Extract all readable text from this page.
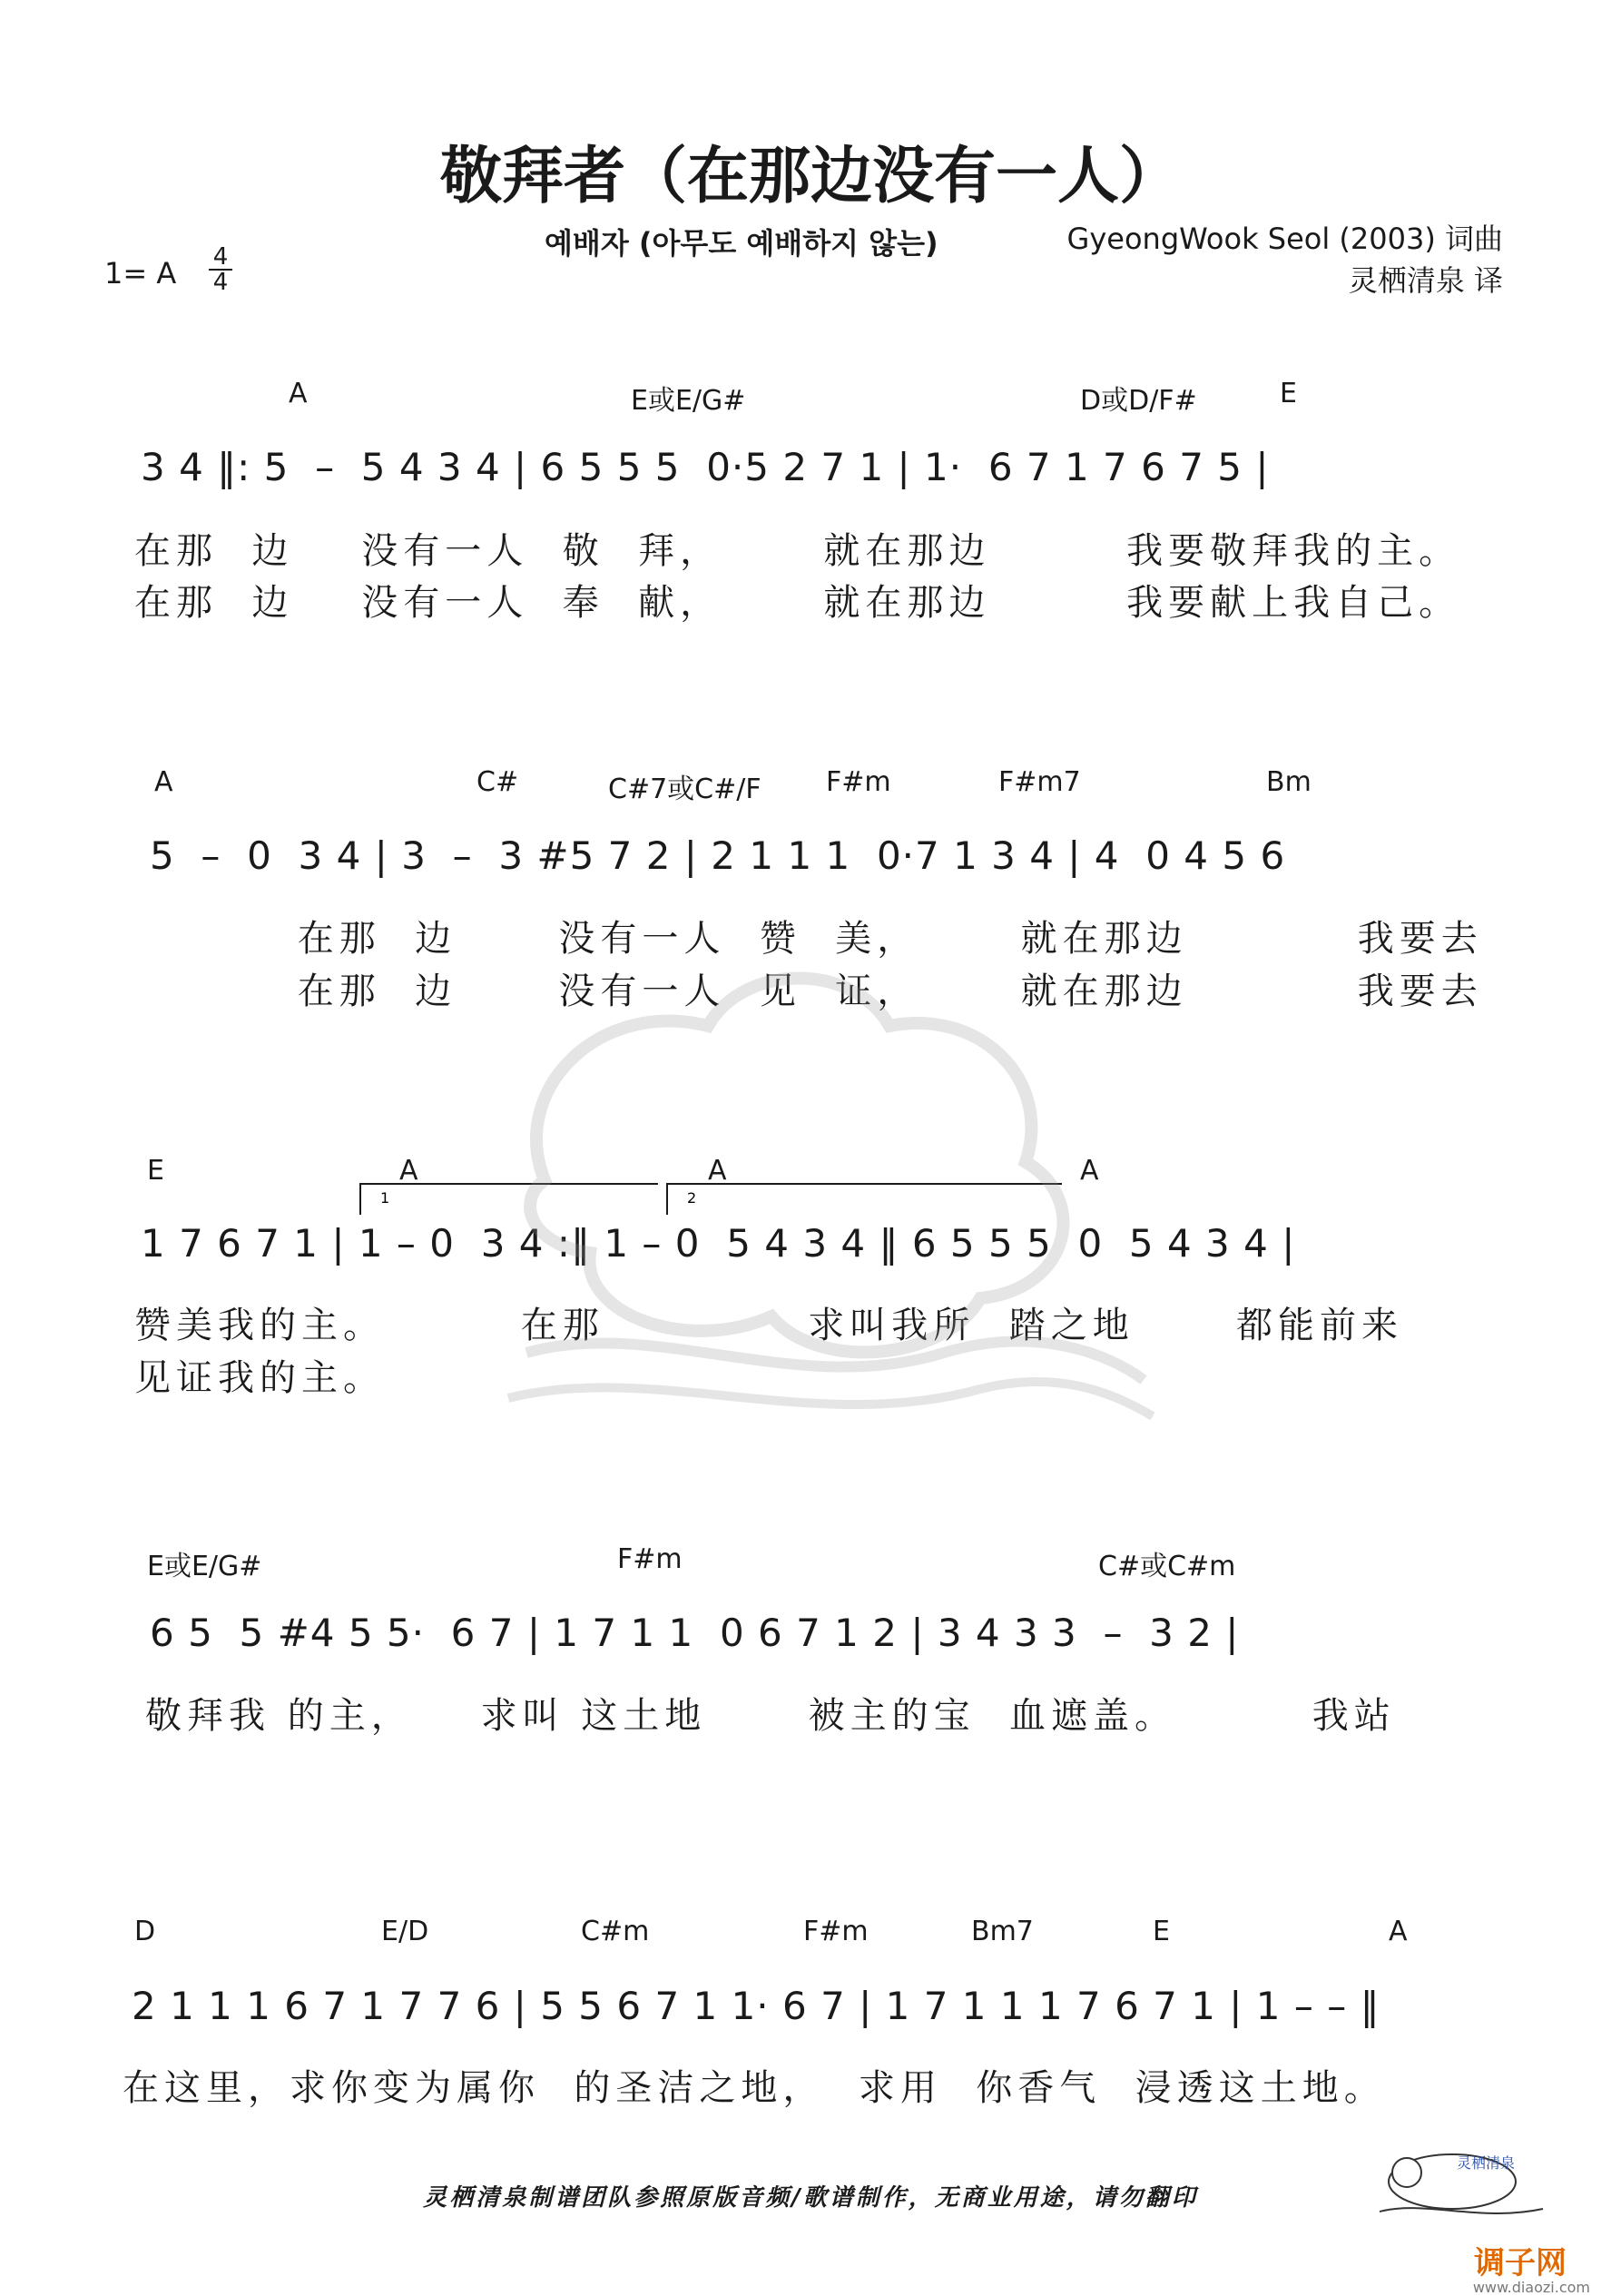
敬拜者（在那边没有一人）
예배자 (아무도 예배하지 않는)	GyeongWook Seol (2003) 词曲
灵栖清泉 译
1= A 4
4
A	E或E/G#	D或D/F#	E
3 4 ‖: 5  –  5 4 3 4 | 6 5 5 5  0·5 2 7 1 | 1·  6 7 1 7 6 7 5 |
在那  边    没有一人  敬  拜，      就在那边        我要敬拜我的主。
在那  边    没有一人  奉  献，      就在那边        我要献上我自己。
A	C#	C#7或C#/F F#m	F#m7	Bm
5  –  0  3 4 | 3  –  3 #5 7 2 | 2 1 1 1  0·7 1 3 4 | 4  0 4 5 6
在那  边      没有一人  赞  美，      就在那边          我要去
在那  边      没有一人  见  证，      就在那边          我要去
E	A	A	A
1	2
1 7 6 7 1 | 1 – 0  3 4 :‖ 1 – 0  5 4 3 4 ‖ 6 5 5 5  0  5 4 3 4 |
赞美我的主。        在那            求叫我所  踏之地      都能前来
见证我的主。
E或E/G#	F#m	C#或C#m
6 5  5 #4 5 5·  6 7 | 1 7 1 1  0 6 7 1 2 | 3 4 3 3  –  3 2 |
敬拜我 的主，    求叫 这土地      被主的宝  血遮盖。        我站
D	E/D	C#m	F#m	Bm7	E	A
2 1 1 1 6 7 1 7 7 6 | 5 5 6 7 1 1· 6 7 | 1 7 1 1 1 7 6 7 1 | 1 – – ‖
在这里，求你变为属你  的圣洁之地，  求用  你香气  浸透这土地。
灵栖清泉制谱团队参照原版音频/歌谱制作，无商业用途，请勿翻印
灵栖清泉
调子网
www.diaozi.com
